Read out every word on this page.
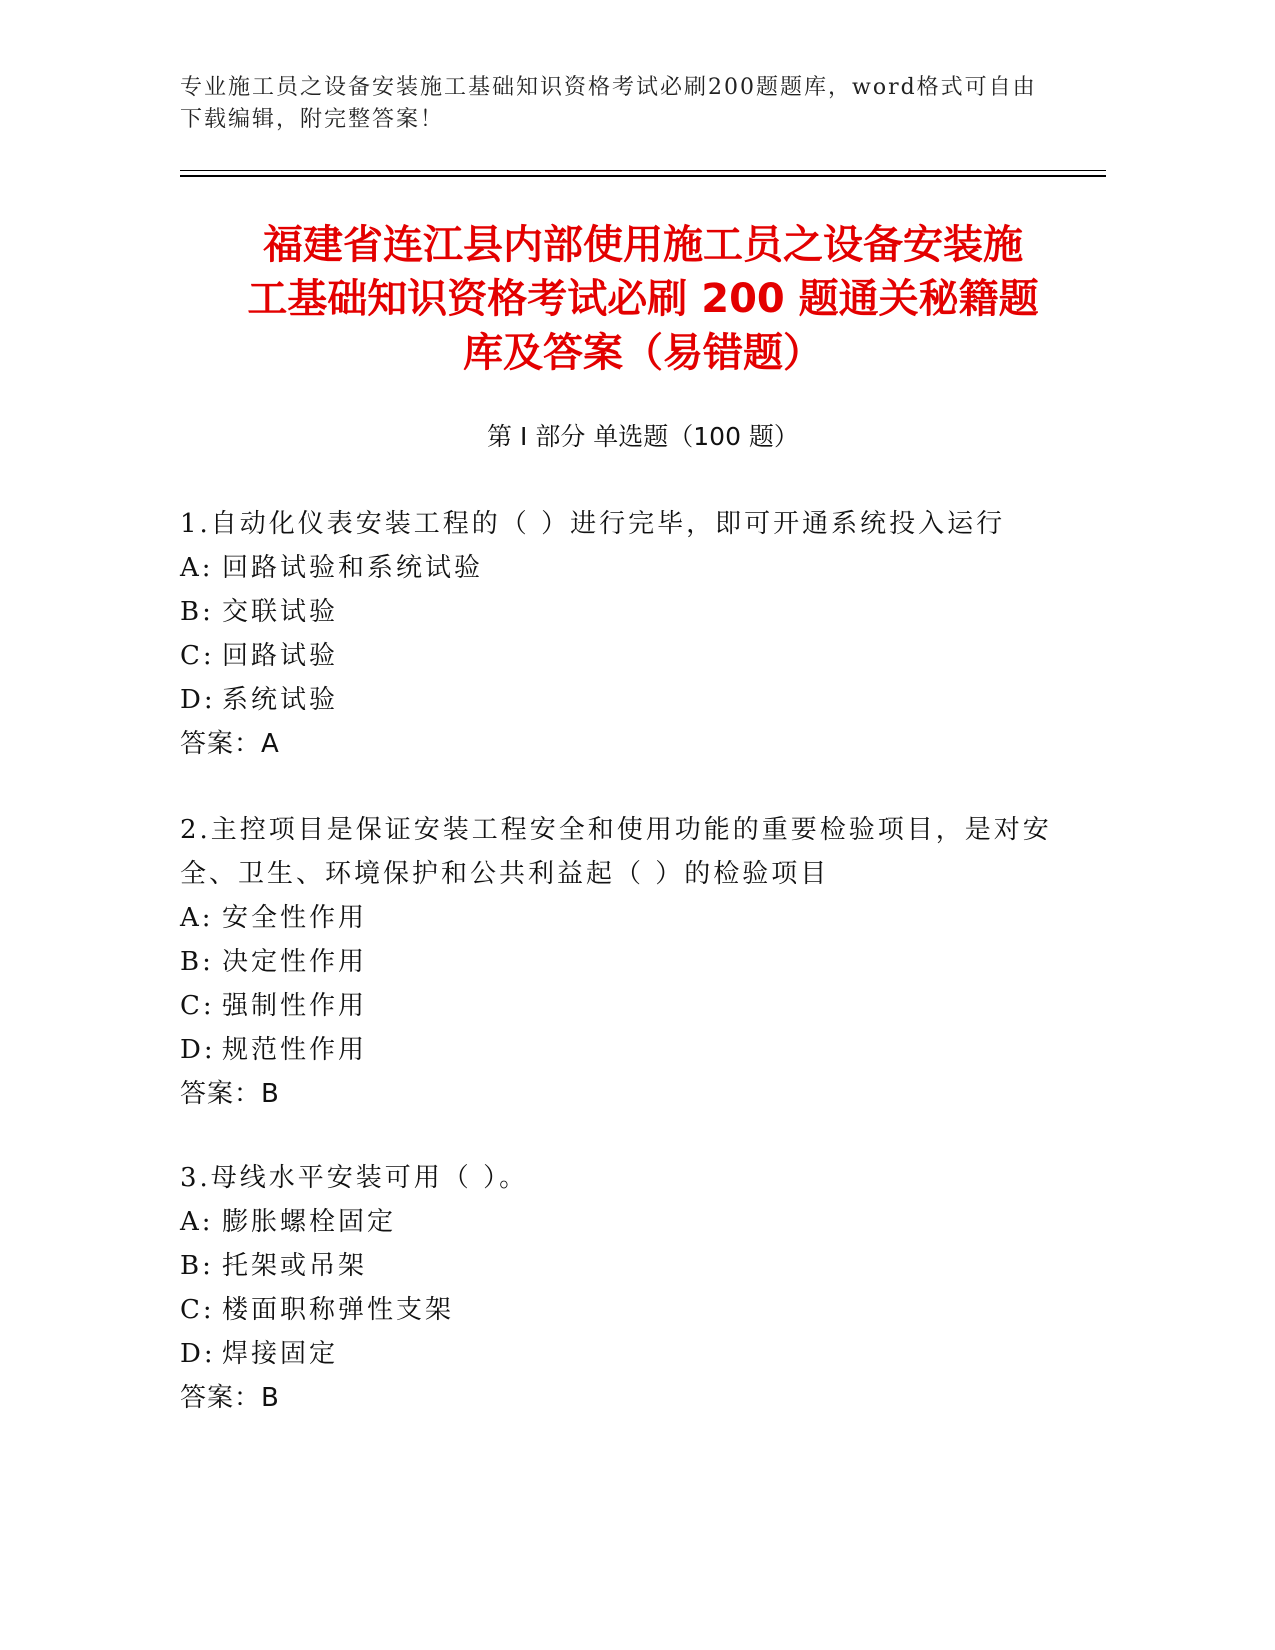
专业施工员之设备安装施工基础知识资格考试必刷200题题库，word格式可自由
下载编辑，附完整答案！
福建省连江县内部使用施工员之设备安装施
工基础知识资格考试必刷 200 题通关秘籍题
库及答案（易错题）
第 I 部分 单选题（100 题）
1.自动化仪表安装工程的（ ）进行完毕，即可开通系统投入运行
A: 回路试验和系统试验
B: 交联试验
C: 回路试验
D: 系统试验
答案：A
2.主控项目是保证安装工程安全和使用功能的重要检验项目，是对安全、卫生、环境保护和公共利益起（ ）的检验项目
A: 安全性作用
B: 决定性作用
C: 强制性作用
D: 规范性作用
答案：B
3.母线水平安装可用（ ）。
A: 膨胀螺栓固定
B: 托架或吊架
C: 楼面职称弹性支架
D: 焊接固定
答案：B
